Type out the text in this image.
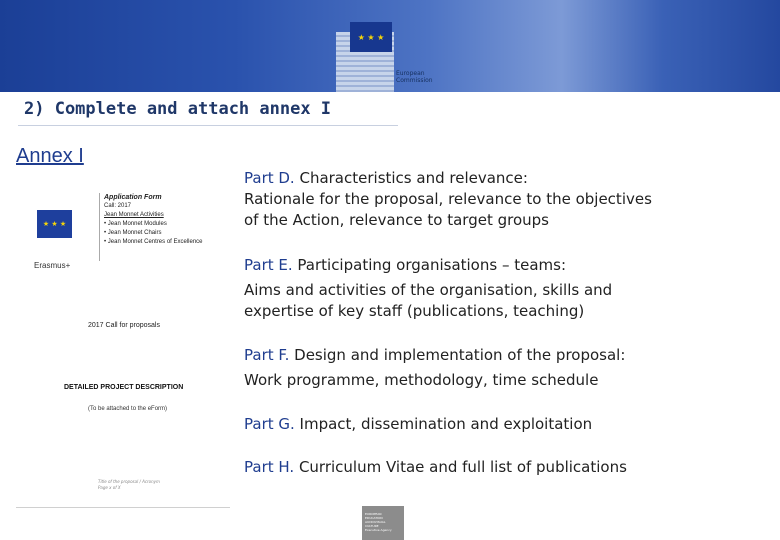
★ ★ ★
European
Commission
2) Complete and attach annex I
Annex I
★ ★ ★
Erasmus+
Application Form
Call: 2017
Jean Monnet Activities
• Jean Monnet Modules
• Jean Monnet Chairs
• Jean Monnet Centres of Excellence
2017 Call for proposals
DETAILED PROJECT DESCRIPTION
(To be attached to the eForm)
Title of the proposal / Acronym
Page x of X
Part D. Characteristics and relevance:
Rationale for the proposal, relevance to the objectives
of the Action, relevance to target groups
Part E. Participating organisations – teams:
Aims and activities of the organisation, skills and
expertise of key staff (publications, teaching)
Part F. Design and implementation of the proposal:
Work programme, methodology, time schedule
Part G. Impact, dissemination and exploitation
Part H. Curriculum Vitae and full list of publications
EUROPEAN
EDUCATION
AUDIOVISUAL
CULTURE
Executive Agency
